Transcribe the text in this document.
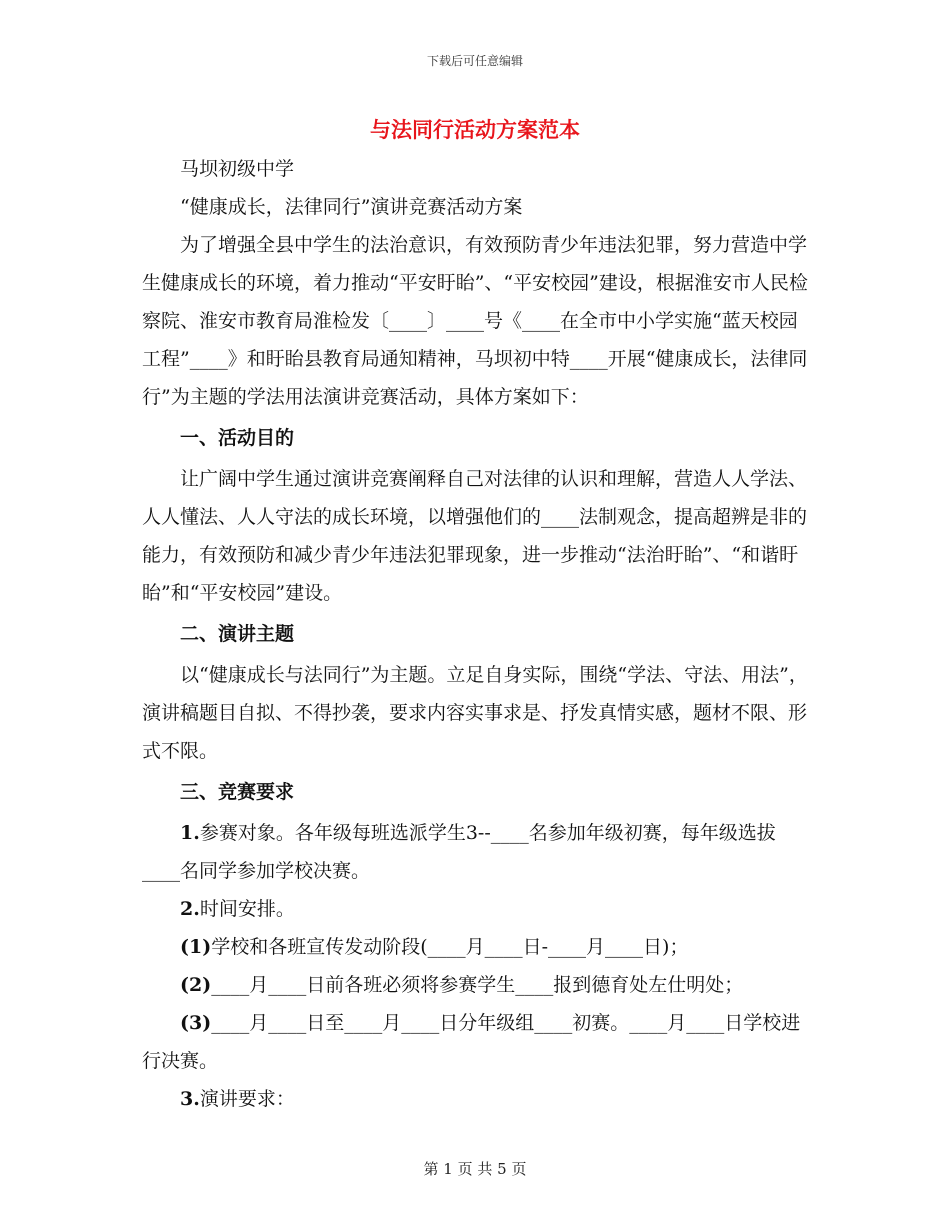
下载后可任意编辑
与法同行活动方案范本

马坝初级中学

“健康成长，法律同行”演讲竞赛活动方案

为了增强全县中学生的法治意识，有效预防青少年违法犯罪，努力营造中学生健康成长的环境，着力推动“平安盱眙”、“平安校园”建设，根据淮安市人民检察院、淮安市教育局淮检发〔____〕____号《____在全市中小学实施“蓝天校园工程”____》和盱眙县教育局通知精神，马坝初中特____开展“健康成长，法律同行”为主题的学法用法演讲竞赛活动，具体方案如下：

一、活动目的

让广阔中学生通过演讲竞赛阐释自己对法律的认识和理解，营造人人学法、人人懂法、人人守法的成长环境，以增强他们的____法制观念，提高超辨是非的能力，有效预防和减少青少年违法犯罪现象，进一步推动“法治盱眙”、“和谐盱眙”和“平安校园”建设。

二、演讲主题

以“健康成长与法同行”为主题。立足自身实际，围绕“学法、守法、用法”，演讲稿题目自拟、不得抄袭，要求内容实事求是、抒发真情实感，题材不限、形式不限。

三、竞赛要求

1.参赛对象。各年级每班选派学生3--____名参加年级初赛，每年级选拔____名同学参加学校决赛。

2.时间安排。

(1)学校和各班宣传发动阶段(____月____日-____月____日)；

(2)____月____日前各班必须将参赛学生____报到德育处左仕明处；

(3)____月____日至____月____日分年级组____初赛。____月____日学校进行决赛。

3.演讲要求：

第 1 页 共 5 页
